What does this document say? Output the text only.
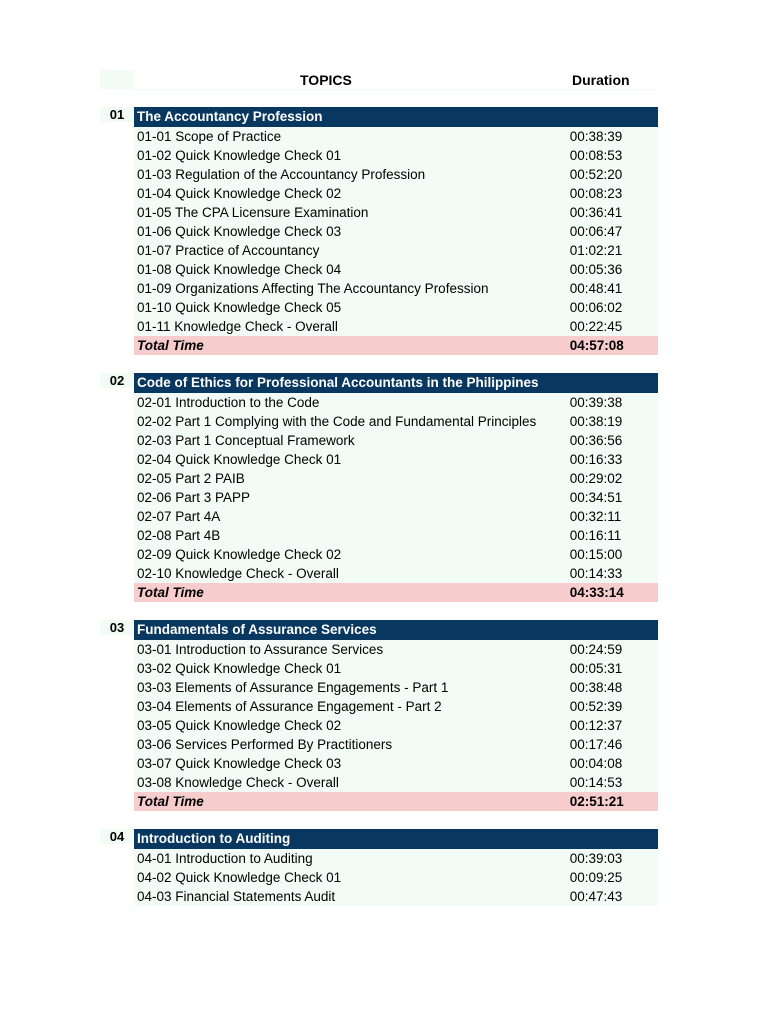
TOPICS	Duration
01 The Accountancy Profession
01-01 Scope of Practice	00:38:39
01-02 Quick Knowledge Check 01	00:08:53
01-03 Regulation of the Accountancy Profession	00:52:20
01-04 Quick Knowledge Check 02	00:08:23
01-05 The CPA Licensure Examination	00:36:41
01-06 Quick Knowledge Check 03	00:06:47
01-07 Practice of Accountancy	01:02:21
01-08 Quick Knowledge Check 04	00:05:36
01-09 Organizations Affecting The Accountancy Profession	00:48:41
01-10 Quick Knowledge Check 05	00:06:02
01-11 Knowledge Check - Overall	00:22:45
Total Time	04:57:08
02 Code of Ethics for Professional Accountants in the Philippines
02-01 Introduction to the Code	00:39:38
02-02 Part 1 Complying with the Code and Fundamental Principles	00:38:19
02-03 Part 1 Conceptual Framework	00:36:56
02-04 Quick Knowledge Check 01	00:16:33
02-05 Part 2 PAIB	00:29:02
02-06 Part 3 PAPP	00:34:51
02-07 Part 4A	00:32:11
02-08 Part 4B	00:16:11
02-09 Quick Knowledge Check 02	00:15:00
02-10 Knowledge Check - Overall	00:14:33
Total Time	04:33:14
03 Fundamentals of Assurance Services
03-01 Introduction to Assurance Services	00:24:59
03-02 Quick Knowledge Check 01	00:05:31
03-03 Elements of Assurance Engagements - Part 1	00:38:48
03-04 Elements of Assurance Engagement - Part 2	00:52:39
03-05 Quick Knowledge Check 02	00:12:37
03-06 Services Performed By Practitioners	00:17:46
03-07 Quick Knowledge Check 03	00:04:08
03-08 Knowledge Check - Overall	00:14:53
Total Time	02:51:21
04 Introduction to Auditing
04-01 Introduction to Auditing	00:39:03
04-02 Quick Knowledge Check 01	00:09:25
04-03 Financial Statements Audit	00:47:43
